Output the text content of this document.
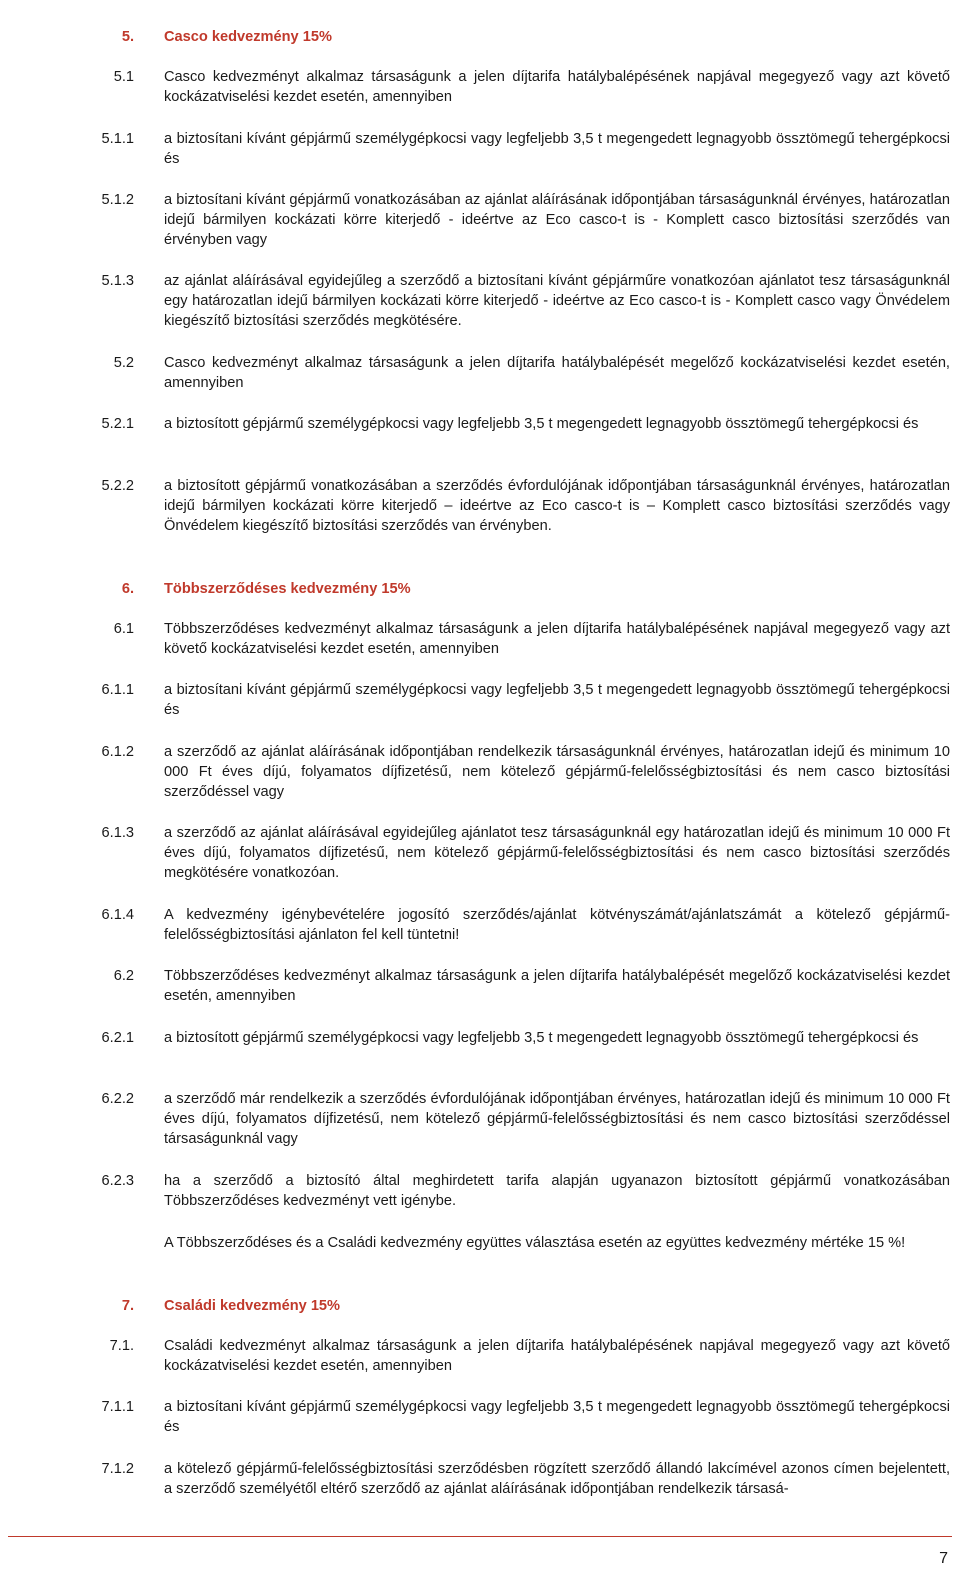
5. Casco kedvezmény 15%

5.1 Casco kedvezményt alkalmaz társaságunk a jelen díjtarifa hatálybalépésének napjával megegyező vagy azt követő kockázatviselési kezdet esetén, amennyiben

5.1.1 a biztosítani kívánt gépjármű személygépkocsi vagy legfeljebb 3,5 t megengedett legnagyobb össztömegű tehergépkocsi és

5.1.2 a biztosítani kívánt gépjármű vonatkozásában az ajánlat aláírásának időpontjában társaságunknál érvényes, határozatlan idejű bármilyen kockázati körre kiterjedő - ideértve az Eco casco-t is - Komplett casco biztosítási szerződés van érvényben vagy

5.1.3 az ajánlat aláírásával egyidejűleg a szerződő a biztosítani kívánt gépjárműre vonatkozóan ajánlatot tesz társaságunknál egy határozatlan idejű bármilyen kockázati körre kiterjedő - ideértve az Eco casco-t is - Komplett casco vagy Önvédelem kiegészítő biztosítási szerződés megkötésére.

5.2 Casco kedvezményt alkalmaz társaságunk a jelen díjtarifa hatálybalépését megelőző kockázatviselési kezdet esetén, amennyiben

5.2.1 a biztosított gépjármű személygépkocsi vagy legfeljebb 3,5 t megengedett legnagyobb össztömegű tehergépkocsi és

5.2.2 a biztosított gépjármű vonatkozásában a szerződés évfordulójának időpontjában társaságunknál érvényes, határozatlan idejű bármilyen kockázati körre kiterjedő – ideértve az Eco casco-t is – Komplett casco biztosítási szerződés vagy Önvédelem kiegészítő biztosítási szerződés van érvényben.

6. Többszerződéses kedvezmény 15%

6.1 Többszerződéses kedvezményt alkalmaz társaságunk a jelen díjtarifa hatálybalépésének napjával megegyező vagy azt követő kockázatviselési kezdet esetén, amennyiben

6.1.1 a biztosítani kívánt gépjármű személygépkocsi vagy legfeljebb 3,5 t megengedett legnagyobb össztömegű tehergépkocsi és

6.1.2 a szerződő az ajánlat aláírásának időpontjában rendelkezik társaságunknál érvényes, határozatlan idejű és minimum 10 000 Ft éves díjú, folyamatos díjfizetésű, nem kötelező gépjármű-felelősségbiztosítási és nem casco biztosítási szerződéssel vagy

6.1.3 a szerződő az ajánlat aláírásával egyidejűleg ajánlatot tesz társaságunknál egy határozatlan idejű és minimum 10 000 Ft éves díjú, folyamatos díjfizetésű, nem kötelező gépjármű-felelősségbiztosítási és nem casco biztosítási szerződés megkötésére vonatkozóan.

6.1.4 A kedvezmény igénybevételére jogosító szerződés/ajánlat kötvényszámát/ajánlatszámát a kötelező gépjármű-felelősségbiztosítási ajánlaton fel kell tüntetni!

6.2 Többszerződéses kedvezményt alkalmaz társaságunk a jelen díjtarifa hatálybalépését megelőző kockázatviselési kezdet esetén, amennyiben

6.2.1 a biztosított gépjármű személygépkocsi vagy legfeljebb 3,5 t megengedett legnagyobb össztömegű tehergépkocsi és

6.2.2 a szerződő már rendelkezik a szerződés évfordulójának időpontjában érvényes, határozatlan idejű és minimum 10 000 Ft éves díjú, folyamatos díjfizetésű, nem kötelező gépjármű-felelősségbiztosítási és nem casco biztosítási szerződéssel társaságunknál vagy

6.2.3 ha a szerződő a biztosító által meghirdetett tarifa alapján ugyanazon biztosított gépjármű vonatkozásában Többszerződéses kedvezményt vett igénybe.

A Többszerződéses és a Családi kedvezmény együttes választása esetén az együttes kedvezmény mértéke 15 %!

7. Családi kedvezmény 15%

7.1. Családi kedvezményt alkalmaz társaságunk a jelen díjtarifa hatálybalépésének napjával megegyező vagy azt követő kockázatviselési kezdet esetén, amennyiben

7.1.1 a biztosítani kívánt gépjármű személygépkocsi vagy legfeljebb 3,5 t megengedett legnagyobb össztömegű tehergépkocsi és

7.1.2 a kötelező gépjármű-felelősségbiztosítási szerződésben rögzített szerződő állandó lakcímével azonos címen bejelentett, a szerződő személyétől eltérő szerződő az ajánlat aláírásának időpontjában rendelkezik társasá-

7
